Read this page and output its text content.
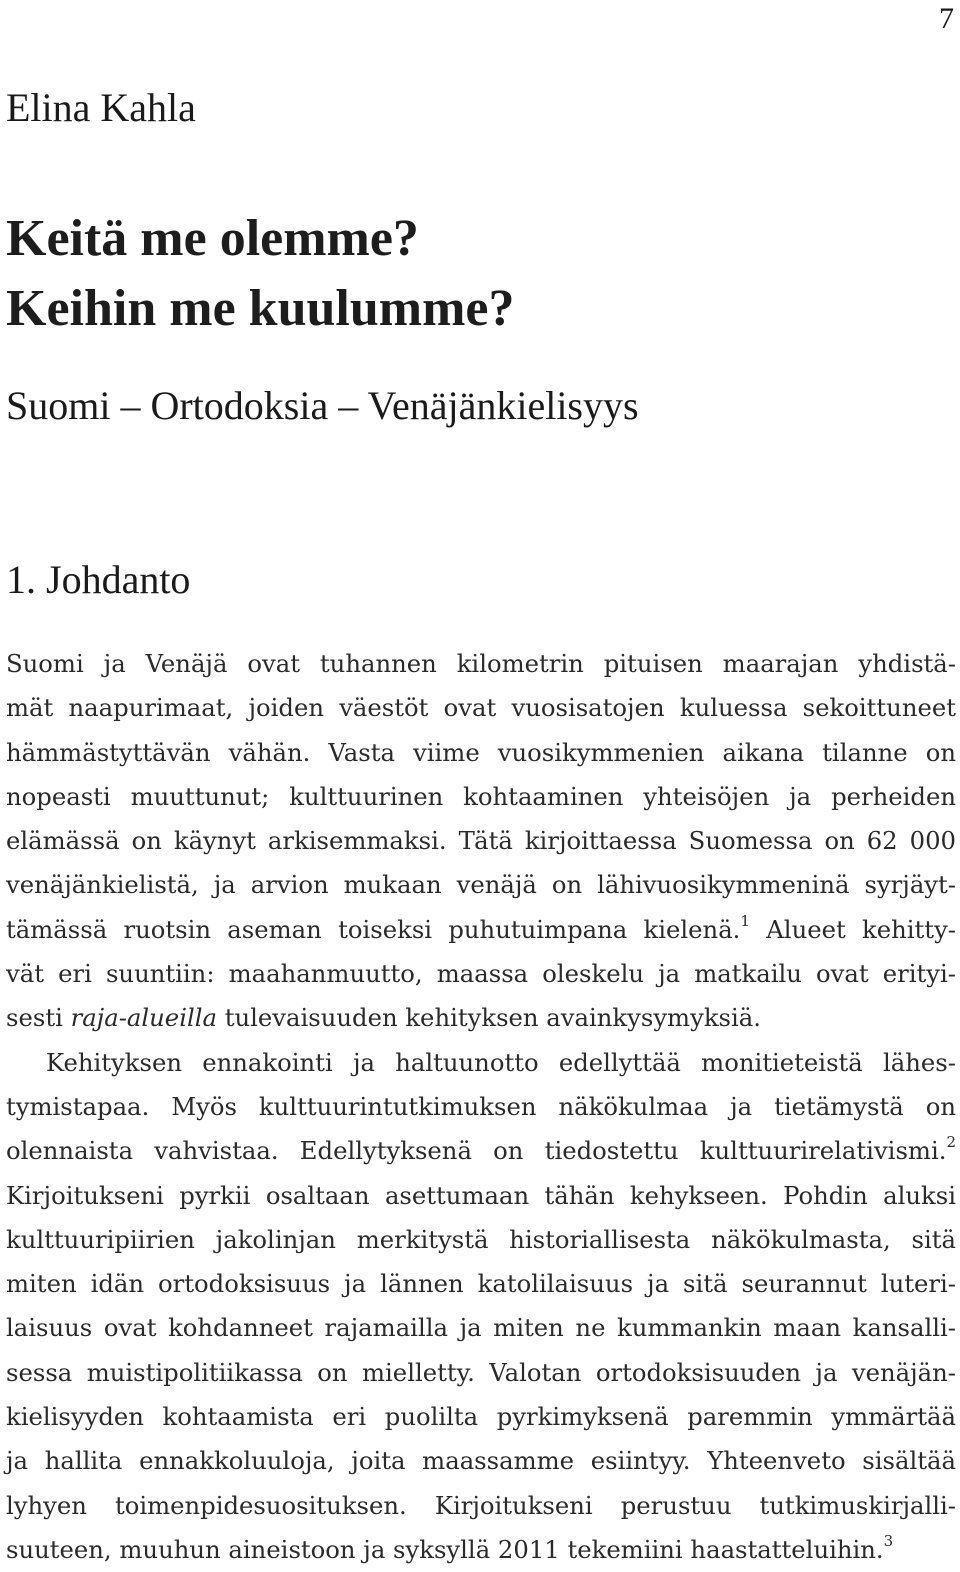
7
Elina Kahla
Keitä me olemme?
Keihin me kuulumme?
Suomi – Ortodoksia – Venäjänkielisyys
1. Johdanto
Suomi ja Venäjä ovat tuhannen kilometrin pituisen maarajan yhdistä-
mät naapurimaat, joiden väestöt ovat vuosisatojen kuluessa sekoittuneet
hämmästyttävän vähän. Vasta viime vuosikymmenien aikana tilanne on
nopeasti muuttunut; kulttuurinen kohtaaminen yhteisöjen ja perheiden
elämässä on käynyt arkisemmaksi. Tätä kirjoittaessa Suomessa on 62 000
venäjänkielistä, ja arvion mukaan venäjä on lähivuosikymmeninä syrjäyt-
tämässä ruotsin aseman toiseksi puhutuimpana kielenä.$^1$ Alueet kehitty-
vät eri suuntiin: maahanmuutto, maassa oleskelu ja matkailu ovat erityi-
sesti raja-alueilla tulevaisuuden kehityksen avainkysymyksiä.
Kehityksen ennakointi ja haltuunotto edellyttää monitieteistä lähes-
tymistapaa. Myös kulttuurintutkimuksen näkökulmaa ja tietämystä on
olennaista vahvistaa. Edellytyksenä on tiedostettu kulttuurirelativismi.$^2$
Kirjoitukseni pyrkii osaltaan asettumaan tähän kehykseen. Pohdin aluksi
kulttuuripiirien jakolinjan merkitystä historiallisesta näkökulmasta, sitä
miten idän ortodoksisuus ja lännen katolilaisuus ja sitä seurannut luteri-
laisuus ovat kohdanneet rajamailla ja miten ne kummankin maan kansalli-
sessa muistipolitiikassa on mielletty. Valotan ortodoksisuuden ja venäjän-
kielisyyden kohtaamista eri puolilta pyrkimyksenä paremmin ymmärtää
ja hallita ennakkoluuloja, joita maassamme esiintyy. Yhteenveto sisältää
lyhyen toimenpidesuosituksen. Kirjoitukseni perustuu tutkimuskirjalli-
suuteen, muuhun aineistoon ja syksyllä 2011 tekemiini haastatteluihin.$^3$
